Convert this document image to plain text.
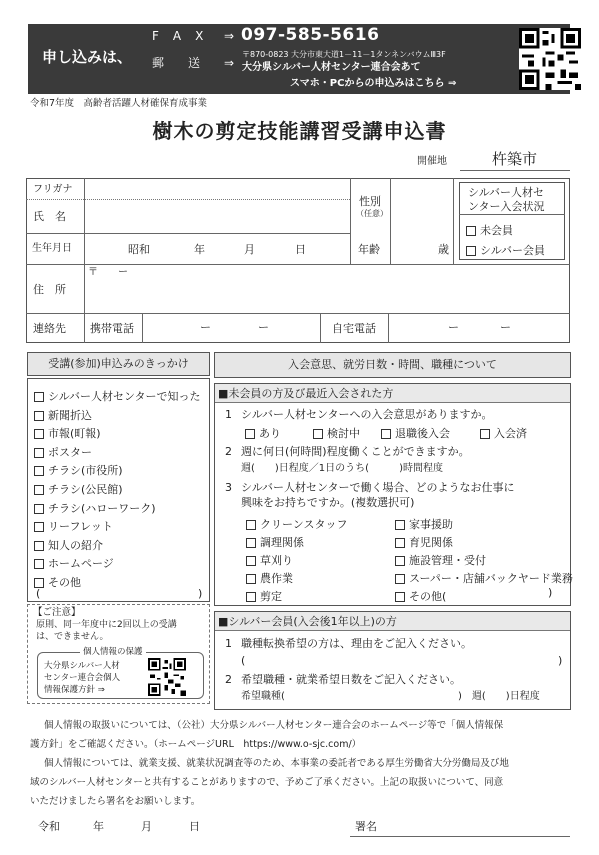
申し込みは、
F　A　X ⇒ 097-585-5616
郵　　送 ⇒
〒870-0823 大分市東大道1－11－1タンネンバウムⅢ3F
大分県シルバー人材センター連合会あて
スマホ・PCからの申込みはこちら ⇒
令和7年度　高齢者活躍人材確保育成事業
樹木の剪定技能講習受講申込書
開催地	杵築市
フリガナ
氏　名
性別
（任意）
シルバー人材セ
ンター入会状況
未会員
シルバー会員
生年月日	昭和	年	月	日	年齢	歳
住　所
〒　　ー
連絡先 携帯電話	ー	ー	自宅電話	ー	ー
受講(参加)申込みのきっかけ
シルバー人材センターで知った
新聞折込
市報(町報)
ポスター
チラシ(市役所)
チラシ(公民館)
チラシ(ハローワーク)
リーフレット
知人の紹介
ホームページ
その他
(	)
【ご注意】
原則、同一年度中に2回以上の受講
は、できません。
個人情報の保護
大分県シルバー人材
センター連合会個人
情報保護方針 ⇒
入会意思、就労日数・時間、職種について
■未会員の方及び最近入会された方
1 シルバー人材センターへの入会意思がありますか。
あり	検討中	退職後入会	入会済
2 週に何日(何時間)程度働くことができますか。
週(　　)日程度／1日のうち(　　　)時間程度
3 シルバー人材センターで働く場合、どのようなお仕事に
興味をお持ちですか。(複数選択可)
クリーンスタッフ
調理関係
草刈り
農作業
剪定
家事援助
育児関係
施設管理・受付
スーパー・店舗バックヤード業務
その他(	)
■シルバー会員(入会後1年以上)の方
1 職種転換希望の方は、理由をご記入ください。
(	)
2 希望職種・就業希望日数をご記入ください。
希望職種(	)　週(　　)日程度
個人情報の取扱いについては、（公社）大分県シルバー人材センター連合会のホームページ等で「個人情報保
護方針」をご確認ください。（ホームページURL　https://www.o-sjc.com/）
個人情報については、就業支援、就業状況調査等のため、本事業の委託者である厚生労働省大分労働局及び地
域のシルバー人材センターと共有することがありますので、予めご了承ください。上記の取扱いについて、同意
いただけましたら署名をお願いします。
令和	年	月	日	署名
